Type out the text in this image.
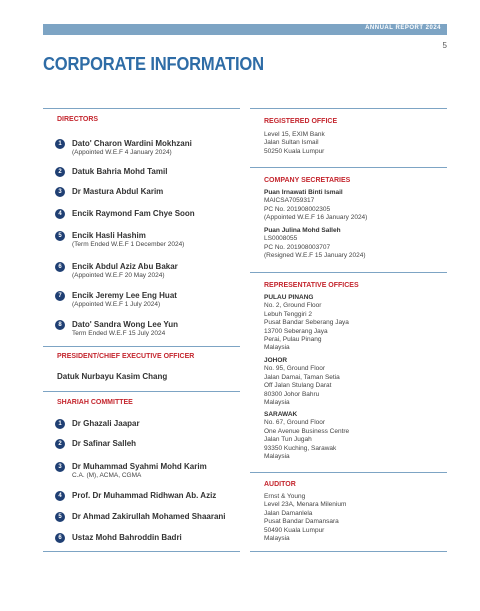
ANNUAL REPORT 2024
5
CORPORATE INFORMATION
DIRECTORS
1	Dato' Charon Wardini Mokhzani
(Appointed W.E.F 4 January 2024)
2	Datuk Bahria Mohd Tamil
3	Dr Mastura Abdul Karim
4	Encik Raymond Fam Chye Soon
5	Encik Hasli Hashim
(Term Ended W.E.F 1 December 2024)
6	Encik Abdul Aziz Abu Bakar
(Appointed W.E.F 20 May 2024)
7	Encik Jeremy Lee Eng Huat
(Appointed W.E.F 1 July 2024)
8	Dato' Sandra Wong Lee Yun
Term Ended W.E.F 15 July 2024
PRESIDENT/CHIEF EXECUTIVE OFFICER
Datuk Nurbayu Kasim Chang
SHARIAH COMMITTEE
1	Dr Ghazali Jaapar
2	Dr Safinar Salleh
3	Dr Muhammad Syahmi Mohd Karim
C.A. (M), ACMA, CGMA
4	Prof. Dr Muhammad Ridhwan Ab. Aziz
5	Dr Ahmad Zakirullah Mohamed Shaarani
6	Ustaz Mohd Bahroddin Badri
REGISTERED OFFICE
Level 15, EXIM Bank
Jalan Sultan Ismail
50250 Kuala Lumpur
COMPANY SECRETARIES
Puan Irnawati Binti Ismail
MAICSA7059317
PC No. 201908002305
(Appointed W.E.F 16 January 2024)
Puan Julina Mohd Salleh
LS0008055
PC No. 201908003707
(Resigned W.E.F 15 January 2024)
REPRESENTATIVE OFFICES
PULAU PINANG
No. 2, Ground Floor
Lebuh Tenggiri 2
Pusat Bandar Seberang Jaya
13700 Seberang Jaya
Perai, Pulau Pinang
Malaysia
JOHOR
No. 95, Ground Floor
Jalan Damai, Taman Setia
Off Jalan Stulang Darat
80300 Johor Bahru
Malaysia
SARAWAK
No. 67, Ground Floor
One Avenue Business Centre
Jalan Tun Jugah
93350 Kuching, Sarawak
Malaysia
AUDITOR
Ernst & Young
Level 23A, Menara Milenium
Jalan Damanlela
Pusat Bandar Damansara
50490 Kuala Lumpur
Malaysia
